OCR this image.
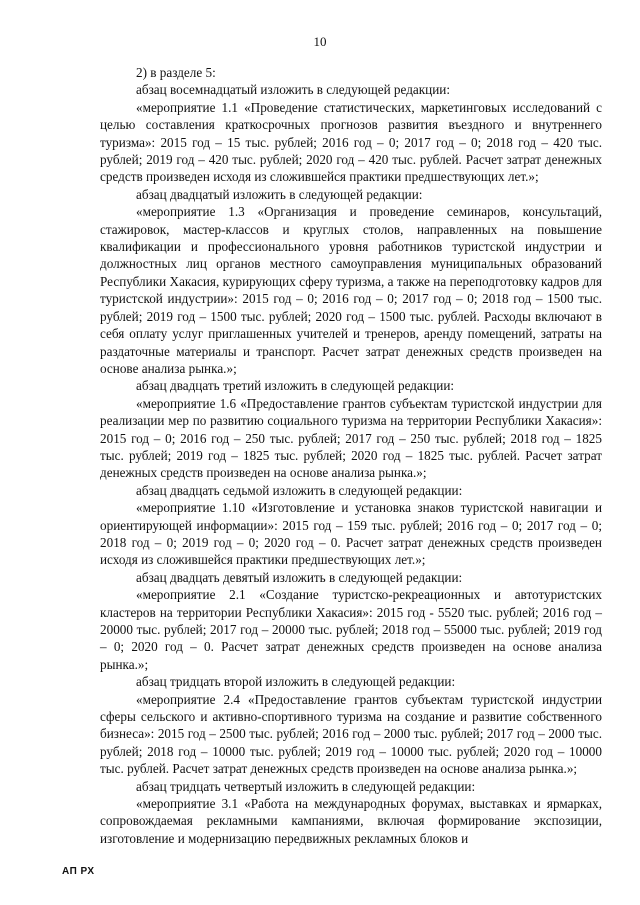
10

2) в разделе 5:

абзац восемнадцатый изложить в следующей редакции:

«мероприятие 1.1 «Проведение статистических, маркетинговых исследований с целью составления краткосрочных прогнозов развития въездного и внутреннего туризма»: 2015 год – 15 тыс. рублей; 2016 год – 0; 2017 год – 0; 2018 год – 420 тыс. рублей; 2019 год – 420 тыс. рублей; 2020 год – 420 тыс. рублей. Расчет затрат денежных средств произведен исходя из сложившейся практики предшествующих лет.»;

абзац двадцатый изложить в следующей редакции:

«мероприятие 1.3 «Организация и проведение семинаров, консультаций, стажировок, мастер-классов и круглых столов, направленных на повышение квалификации и профессионального уровня работников туристской индустрии и должностных лиц органов местного самоуправления муниципальных образований Республики Хакасия, курирующих сферу туризма, а также на переподготовку кадров для туристской индустрии»: 2015 год – 0; 2016 год – 0; 2017 год – 0; 2018 год – 1500 тыс. рублей; 2019 год – 1500 тыс. рублей; 2020 год – 1500 тыс. рублей. Расходы включают в себя оплату услуг приглашенных учителей и тренеров, аренду помещений, затраты на раздаточные материалы и транспорт. Расчет затрат денежных средств произведен на основе анализа рынка.»;

абзац двадцать третий изложить в следующей редакции:

«мероприятие 1.6 «Предоставление грантов субъектам туристской индустрии для реализации мер по развитию социального туризма на территории Республики Хакасия»: 2015 год – 0; 2016 год – 250 тыс. рублей; 2017 год – 250 тыс. рублей; 2018 год – 1825 тыс. рублей; 2019 год – 1825 тыс. рублей; 2020 год – 1825 тыс. рублей. Расчет затрат денежных средств произведен на основе анализа рынка.»;

абзац двадцать седьмой изложить в следующей редакции:

«мероприятие 1.10 «Изготовление и установка знаков туристской навигации и ориентирующей информации»: 2015 год – 159 тыс. рублей; 2016 год – 0; 2017 год – 0; 2018 год – 0; 2019 год – 0; 2020 год – 0. Расчет затрат денежных средств произведен исходя из сложившейся практики предшествующих лет.»;

абзац двадцать девятый изложить в следующей редакции:

«мероприятие 2.1 «Создание туристско-рекреационных и автотуристских кластеров на территории Республики Хакасия»: 2015 год - 5520 тыс. рублей; 2016 год – 20000 тыс. рублей; 2017 год – 20000 тыс. рублей; 2018 год – 55000 тыс. рублей; 2019 год – 0; 2020 год – 0. Расчет затрат денежных средств произведен на основе анализа рынка.»;

абзац тридцать второй изложить в следующей редакции:

«мероприятие 2.4 «Предоставление грантов субъектам туристской индустрии сферы сельского и активно-спортивного туризма на создание и развитие собственного бизнеса»: 2015 год – 2500 тыс. рублей; 2016 год – 2000 тыс. рублей; 2017 год – 2000 тыс. рублей; 2018 год – 10000 тыс. рублей; 2019 год – 10000 тыс. рублей; 2020 год – 10000 тыс. рублей. Расчет затрат денежных средств произведен на основе анализа рынка.»;

абзац тридцать четвертый изложить в следующей редакции:

«мероприятие 3.1 «Работа на международных форумах, выставках и ярмарках, сопровождаемая рекламными кампаниями, включая формирование экспозиции, изготовление и модернизацию передвижных рекламных блоков и

АП РХ
